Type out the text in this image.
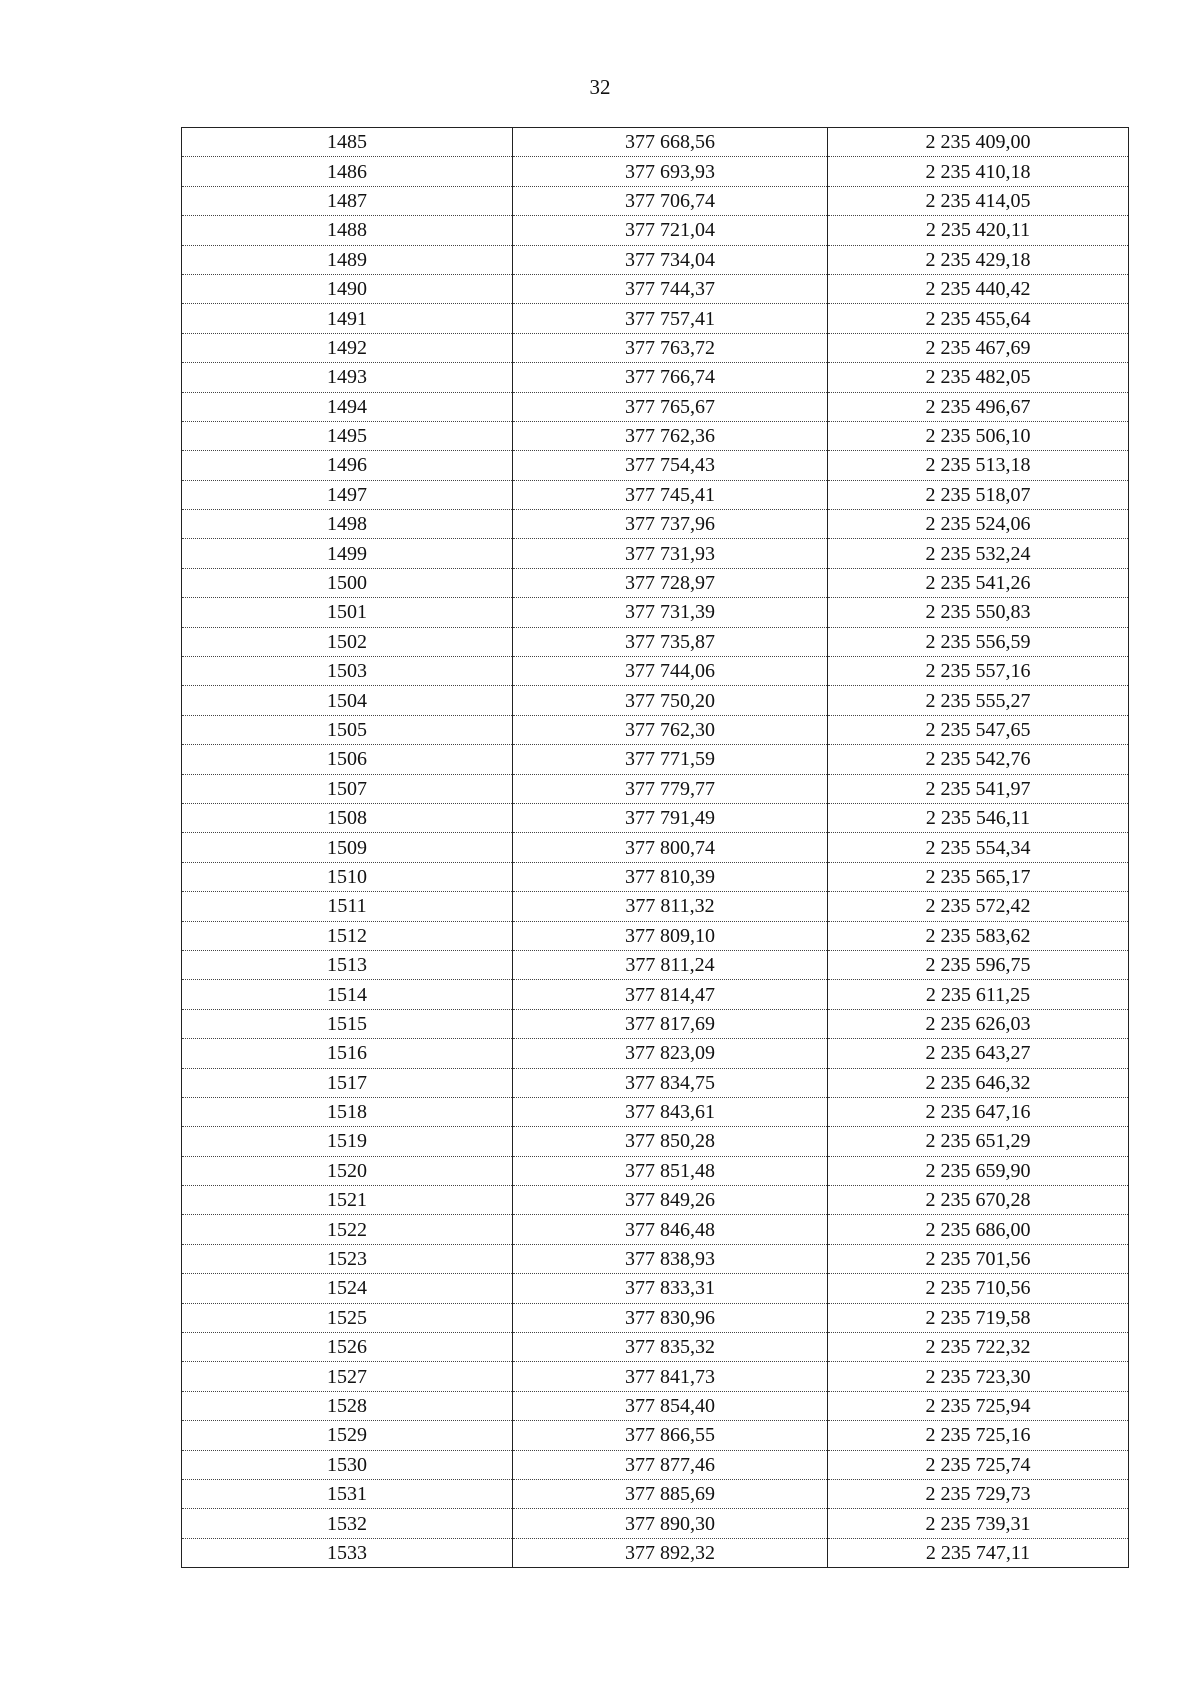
32
1485	377 668,56	2 235 409,00
1486	377 693,93	2 235 410,18
1487	377 706,74	2 235 414,05
1488	377 721,04	2 235 420,11
1489	377 734,04	2 235 429,18
1490	377 744,37	2 235 440,42
1491	377 757,41	2 235 455,64
1492	377 763,72	2 235 467,69
1493	377 766,74	2 235 482,05
1494	377 765,67	2 235 496,67
1495	377 762,36	2 235 506,10
1496	377 754,43	2 235 513,18
1497	377 745,41	2 235 518,07
1498	377 737,96	2 235 524,06
1499	377 731,93	2 235 532,24
1500	377 728,97	2 235 541,26
1501	377 731,39	2 235 550,83
1502	377 735,87	2 235 556,59
1503	377 744,06	2 235 557,16
1504	377 750,20	2 235 555,27
1505	377 762,30	2 235 547,65
1506	377 771,59	2 235 542,76
1507	377 779,77	2 235 541,97
1508	377 791,49	2 235 546,11
1509	377 800,74	2 235 554,34
1510	377 810,39	2 235 565,17
1511	377 811,32	2 235 572,42
1512	377 809,10	2 235 583,62
1513	377 811,24	2 235 596,75
1514	377 814,47	2 235 611,25
1515	377 817,69	2 235 626,03
1516	377 823,09	2 235 643,27
1517	377 834,75	2 235 646,32
1518	377 843,61	2 235 647,16
1519	377 850,28	2 235 651,29
1520	377 851,48	2 235 659,90
1521	377 849,26	2 235 670,28
1522	377 846,48	2 235 686,00
1523	377 838,93	2 235 701,56
1524	377 833,31	2 235 710,56
1525	377 830,96	2 235 719,58
1526	377 835,32	2 235 722,32
1527	377 841,73	2 235 723,30
1528	377 854,40	2 235 725,94
1529	377 866,55	2 235 725,16
1530	377 877,46	2 235 725,74
1531	377 885,69	2 235 729,73
1532	377 890,30	2 235 739,31
1533	377 892,32	2 235 747,11
